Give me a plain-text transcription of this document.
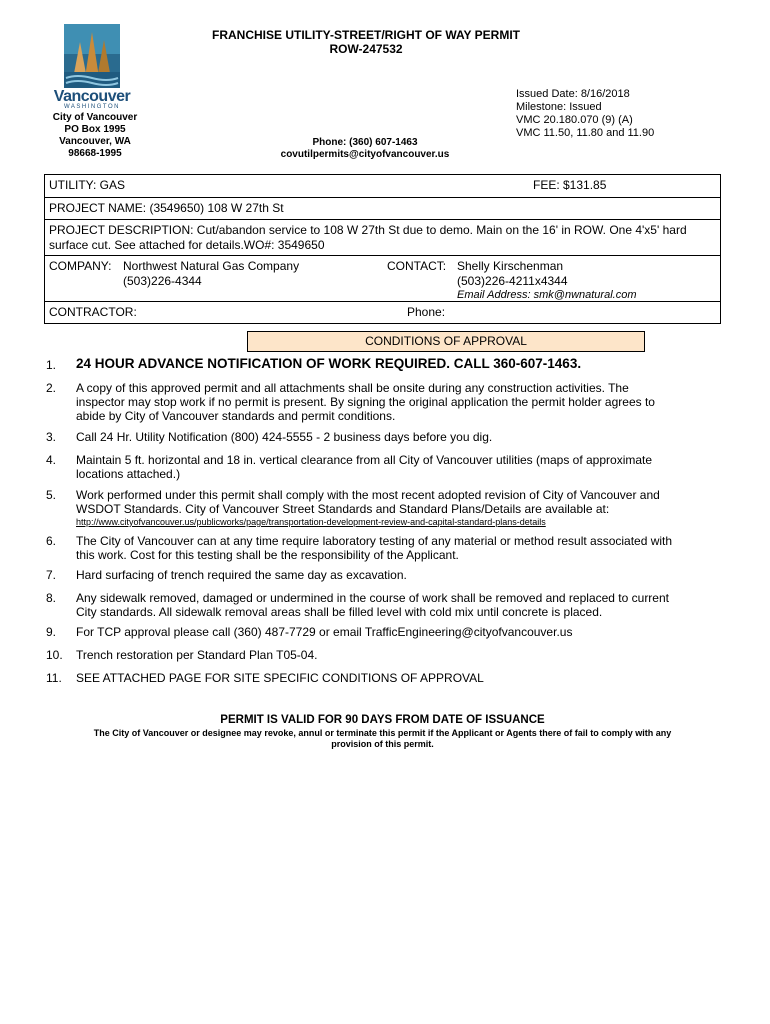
Vancouver
WASHINGTON
City of Vancouver
PO Box 1995
Vancouver, WA
98668-1995
FRANCHISE UTILITY-STREET/RIGHT OF WAY PERMIT
ROW-247532
Phone: (360) 607-1463
covutilpermits@cityofvancouver.us
Issued Date: 8/16/2018
Milestone: Issued
VMC 20.180.070 (9) (A)
VMC 11.50, 11.80 and 11.90
UTILITY: GAS	FEE: $131.85
PROJECT NAME: (3549650) 108 W 27th St
PROJECT DESCRIPTION: Cut/abandon service to 108 W 27th St due to demo. Main on the 16' in ROW. One 4'x5' hard
surface cut. See attached for details.WO#: 3549650
COMPANY: Northwest Natural Gas Company
(503)226-4344
CONTACT: Shelly Kirschenman
(503)226-4211x4344
Email Address: smk@nwnatural.com
CONTRACTOR:	Phone:
CONDITIONS OF APPROVAL
1. 24 HOUR ADVANCE NOTIFICATION OF WORK REQUIRED. CALL 360-607-1463.
2. A copy of this approved permit and all attachments shall be onsite during any construction activities. The
inspector may stop work if no permit is present. By signing the original application the permit holder agrees to
abide by City of Vancouver standards and permit conditions.
3. Call 24 Hr. Utility Notification (800) 424-5555 - 2 business days before you dig.
4. Maintain 5 ft. horizontal and 18 in. vertical clearance from all City of Vancouver utilities (maps of approximate
locations attached.)
5. Work performed under this permit shall comply with the most recent adopted revision of City of Vancouver and
WSDOT Standards. City of Vancouver Street Standards and Standard Plans/Details are available at:
http://www.cityofvancouver.us/publicworks/page/transportation-development-review-and-capital-standard-plans-details
6. The City of Vancouver can at any time require laboratory testing of any material or method result associated with
this work. Cost for this testing shall be the responsibility of the Applicant.
7. Hard surfacing of trench required the same day as excavation.
8. Any sidewalk removed, damaged or undermined in the course of work shall be removed and replaced to current
City standards. All sidewalk removal areas shall be filled level with cold mix until concrete is placed.
9. For TCP approval please call (360) 487-7729 or email TrafficEngineering@cityofvancouver.us
10. Trench restoration per Standard Plan T05-04.
11. SEE ATTACHED PAGE FOR SITE SPECIFIC CONDITIONS OF APPROVAL
PERMIT IS VALID FOR 90 DAYS FROM DATE OF ISSUANCE
The City of Vancouver or designee may revoke, annul or terminate this permit if the Applicant or Agents there of fail to comply with any
provision of this permit.
